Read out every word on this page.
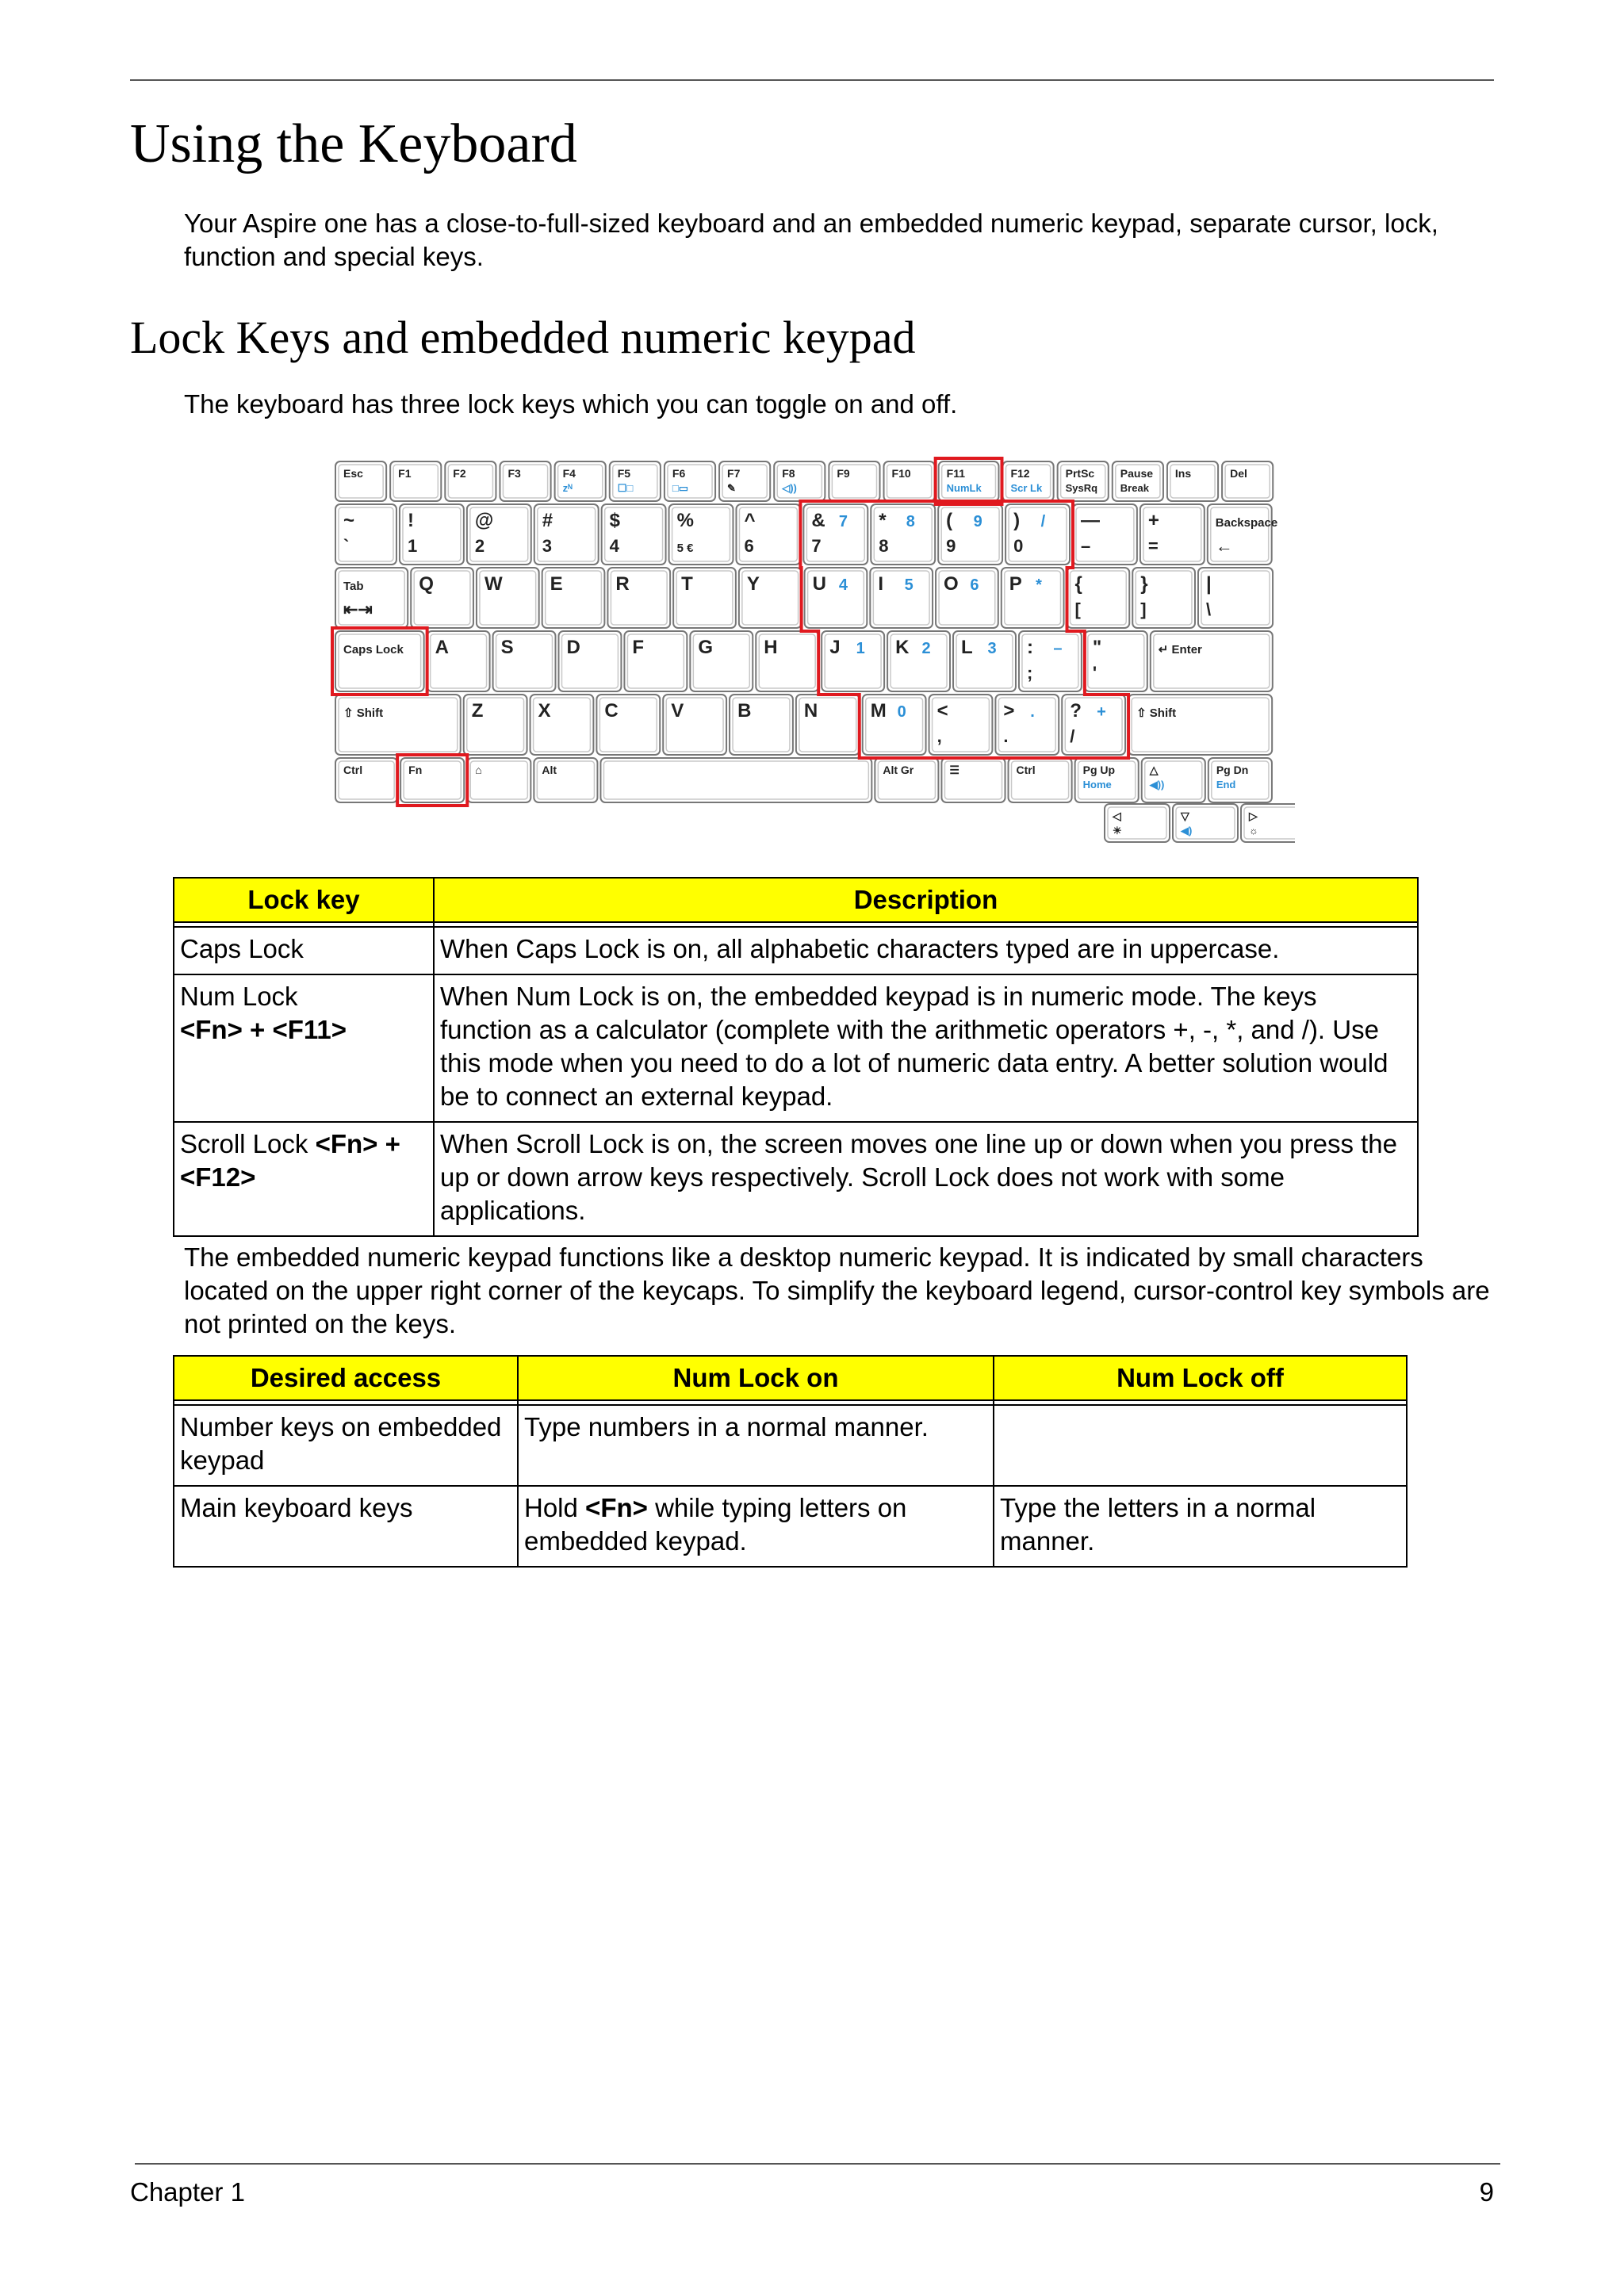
Using the Keyboard

Your Aspire one has a close-to-full-sized keyboard and an embedded numeric keypad, separate cursor, lock, function and special keys.

Lock Keys and embedded numeric keypad

The keyboard has three lock keys which you can toggle on and off.

Esc	F1	F2	F3	F4
zᴺ
F5
☐□
F6
□▭
F7
✎
F8
◁))
F9	F10	F11
NumLk
F12
Scr Lk
PrtSc
SysRq
Pause
Break
Ins	Del
~
`
!
1
@
2
#
3
$
4
%
5 €
^
6
&
7
7 *
8
8 (
9
9 )
0
/ —
–
+
=
Backspace
←
Tab
⇤⇥
Q	W	E	R	T	Y	U 4 I 5 O 6 P * {
[
}
]
|
\
Caps Lock A	S	D	F	G	H	J 1 K 2 L 3 :
;
– "
'
↵ Enter
⇧ Shift	Z	X	C	V	B	N	M 0 <
,
>
.
. ?
/
+	⇧ Shift
Ctrl	Fn	⌂	Alt	Alt Gr	☰	Ctrl	Pg Up
Home
△
◀))
Pg Dn
End
◁
☀
▽
◀)
▷
☼
Lock key	Description

Caps Lock	When Caps Lock is on, all alphabetic characters typed are in uppercase.
Num Lock
<Fn> + <F11>	When Num Lock is on, the embedded keypad is in numeric mode. The keys function as a calculator (complete with the arithmetic operators +, -, *, and /). Use this mode when you need to do a lot of numeric data entry. A better solution would be to connect an external keypad.
Scroll Lock <Fn> + <F12>	When Scroll Lock is on, the screen moves one line up or down when you press the up or down arrow keys respectively. Scroll Lock does not work with some applications.

The embedded numeric keypad functions like a desktop numeric keypad. It is indicated by small characters located on the upper right corner of the keycaps. To simplify the keyboard legend, cursor-control key symbols are not printed on the keys.

Desired access	Num Lock on	Num Lock off

Number keys on embedded keypad	Type numbers in a normal manner.	
Main keyboard keys	Hold <Fn> while typing letters on embedded keypad.	Type the letters in a normal manner.
Chapter 1	9
